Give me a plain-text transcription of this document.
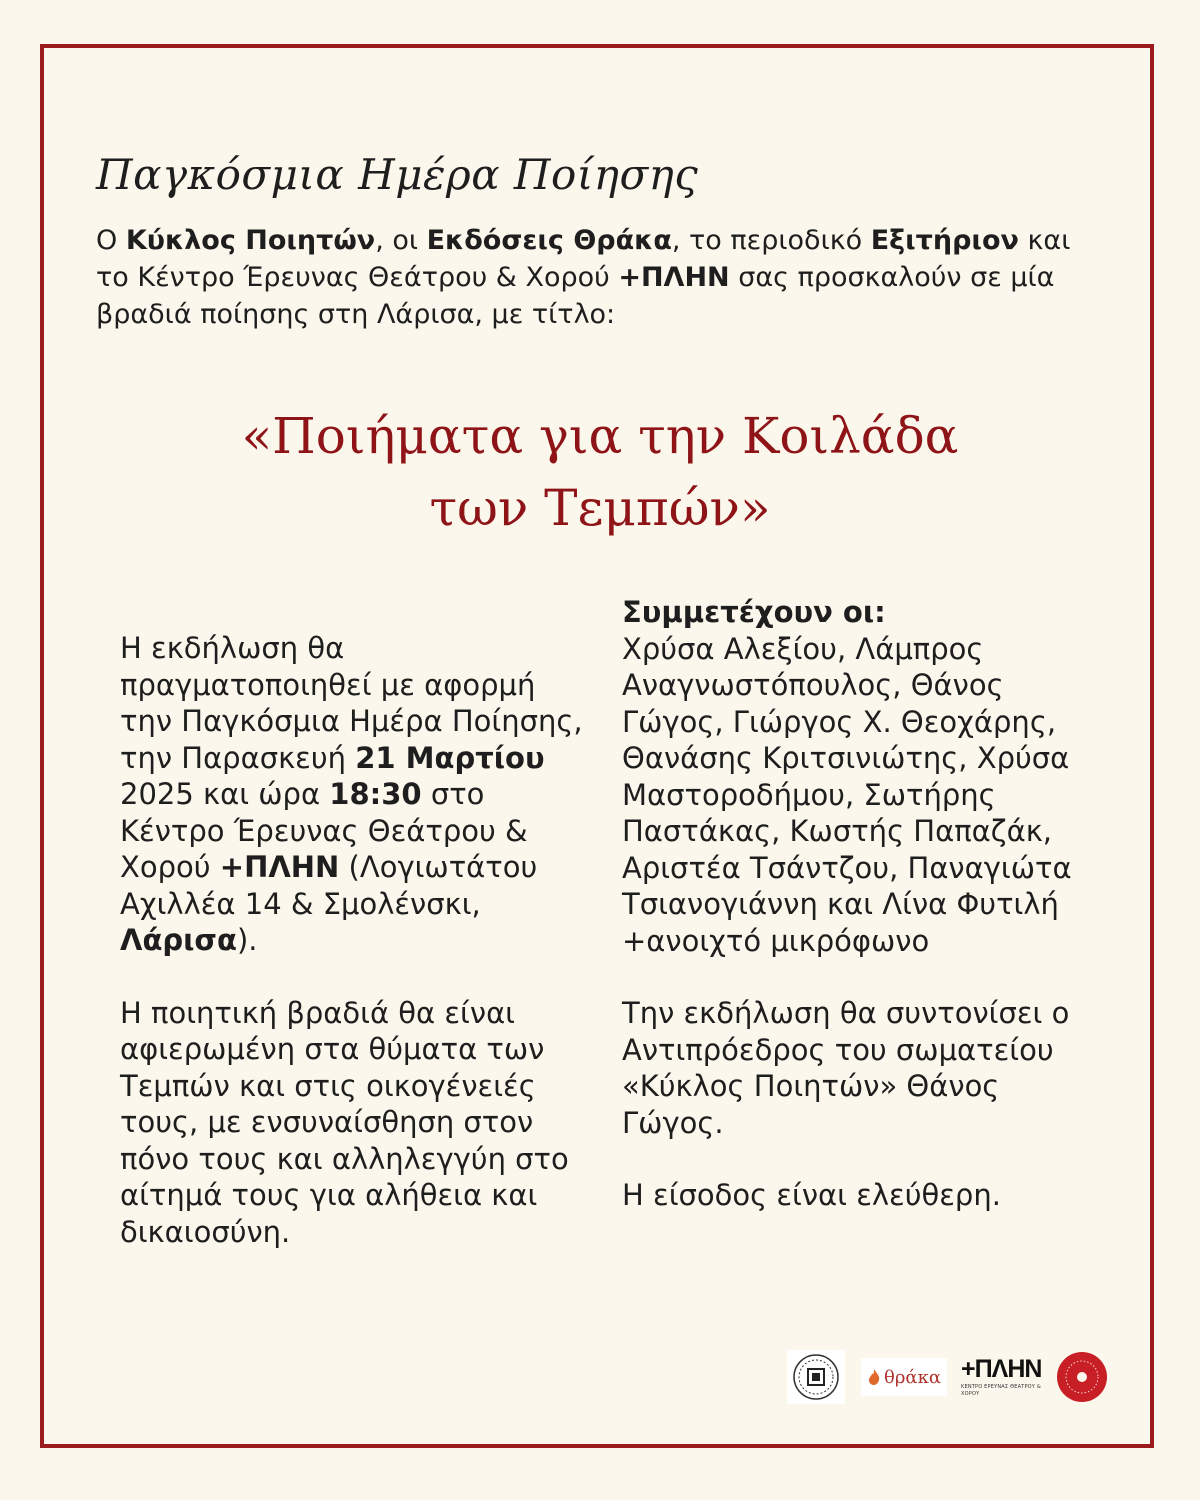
Παγκόσμια Ημέρα Ποίησης

Ο Κύκλος Ποιητών, οι Εκδόσεις Θράκα, το περιοδικό Εξιτήριον και το Κέντρο Έρευνας Θεάτρου & Χορού +ΠΛΗΝ σας προσκαλούν σε μία βραδιά ποίησης στη Λάρισα, με τίτλο:

«Ποιήματα για την Κοιλάδα
των Τεμπών»

Η εκδήλωση θα πραγματοποιηθεί με αφορμή την Παγκόσμια Ημέρα Ποίησης, την Παρασκευή 21 Μαρτίου 2025 και ώρα 18:30 στο Κέντρο Έρευνας Θεάτρου & Χορού +ΠΛΗΝ (Λογιωτάτου Αχιλλέα 14 & Σμολένσκι, Λάρισα).

Η ποιητική βραδιά θα είναι αφιερωμένη στα θύματα των Τεμπών και στις οικογένειές τους, με ενσυναίσθηση στον πόνο τους και αλληλεγγύη στο αίτημά τους για αλήθεια και δικαιοσύνη.

Συμμετέχουν οι:

Χρύσα Αλεξίου, Λάμπρος Αναγνωστόπουλος, Θάνος Γώγος, Γιώργος Χ. Θεοχάρης, Θανάσης Κριτσινιώτης, Χρύσα Μαστοροδήμου, Σωτήρης Παστάκας, Κωστής Παπαζάκ, Αριστέα Τσάντζου, Παναγιώτα Τσιανογιάννη και Λίνα Φυτιλή

+ανοιχτό μικρόφωνο

Την εκδήλωση θα συντονίσει ο Αντιπρόεδρος του σωματείου «Κύκλος Ποιητών» Θάνος Γώγος.

Η είσοδος είναι ελεύθερη.

θράκα +ΠΛΗΝ
ΚΕΝΤΡΟ ΕΡΕΥΝΑΣ ΘΕΑΤΡΟΥ & ΧΟΡΟΥ
